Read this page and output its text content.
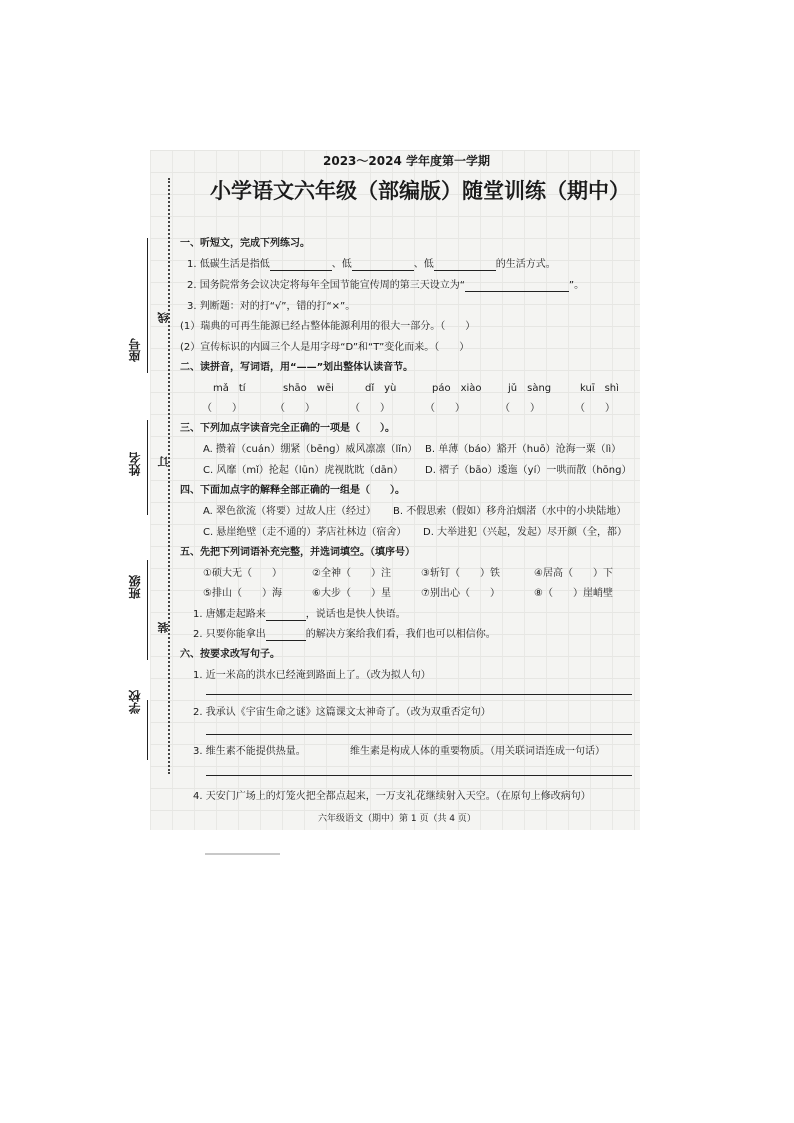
座号
姓名
班级
学校
线
订
装
2023～2024 学年度第一学期
小学语文六年级（部编版）随堂训练（期中）
一、听短文，完成下列练习。
1. 低碳生活是指低	、低	、低	的生活方式。
2. 国务院常务会议决定将每年全国节能宣传周的第三天设立为“	”。
3. 判断题：对的打“√”，错的打“×”。
(1）瑞典的可再生能源已经占整体能源利用的很大一部分。（　　）
(2）宣传标识的内圆三个人是用字母“D”和“T”变化而来。（　　）
二、读拼音，写词语，用“——”划出整体认读音节。
mǎ　tí	shāo　wēi	dǐ　yù	páo　xiào	jǔ　sàng	kuī　shì
（　　）	（　　）	（　　）	（　　）	（　　）	（　　）
三、下列加点字读音完全正确的一项是（　　）。
A. 攒着（cuán）绷紧（bēng）威风凛凛（lǐn） B. 单薄（báo）豁开（huō）沧海一粟（lì）
C. 风靡（mǐ）抡起（lūn）虎视眈眈（dān） D. 褶子（bāo）逶迤（yí）一哄而散（hōng）
四、下面加点字的解释全部正确的一组是（　　）。
A. 翠色欲流（将要）过故人庄（经过） B. 不假思索（假如）移舟泊烟渚（水中的小块陆地）
C. 悬崖绝壁（走不通的）茅店社林边（宿舍） D. 大举进犯（兴起，发起）尽开颜（全，都）
五、先把下列词语补充完整，并选词填空。（填序号）
①硕大无（　　）	②全神（　　）注	③斩钉（　　）铁	④居高（　　）下
⑤排山（　　）海	⑥大步（　　）星	⑦别出心（　　）	⑧（　　）崖峭壁
1. 唐娜走起路来	，说话也是快人快语。
2. 只要你能拿出	的解决方案给我们看，我们也可以相信你。
六、按要求改写句子。
1. 近一米高的洪水已经淹到路面上了。（改为拟人句）
2. 我承认《宇宙生命之谜》这篇课文太神奇了。（改为双重否定句）
3. 维生素不能提供热量。	维生素是构成人体的重要物质。（用关联词语连成一句话）
4. 天安门广场上的灯笼火把全都点起来，一万支礼花继续射入天空。（在原句上修改病句）
六年级语文（期中）第 1 页（共 4 页）
